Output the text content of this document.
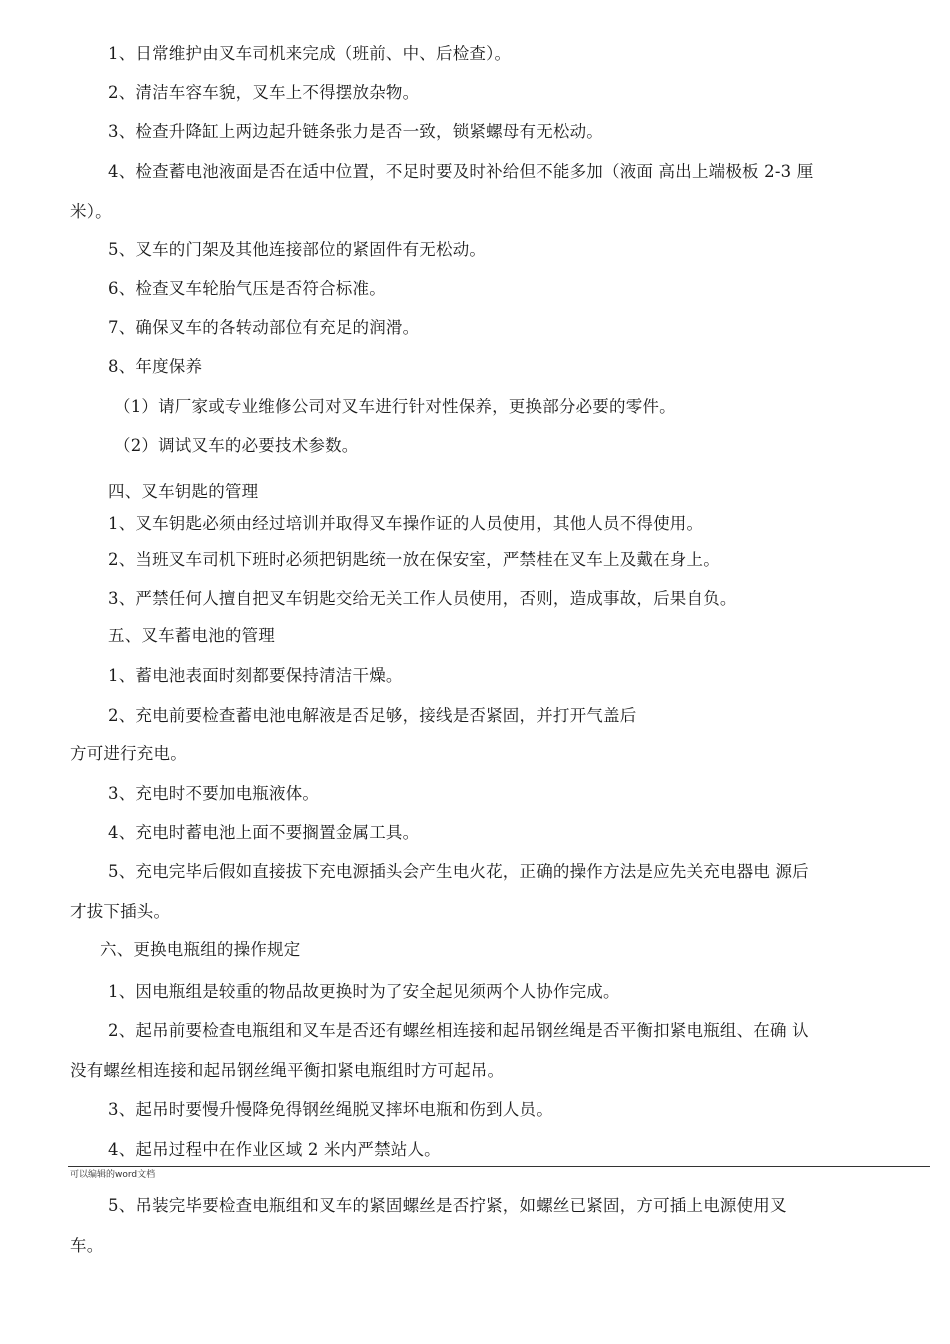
1、日常维护由叉车司机来完成（班前、中、后检查）。
2、清洁车容车貌，叉车上不得摆放杂物。
3、检查升降缸上两边起升链条张力是否一致，锁紧螺母有无松动。
4、检查蓄电池液面是否在适中位置，不足时要及时补给但不能多加（液面 高出上端极板 2-3 厘
米）。
5、叉车的门架及其他连接部位的紧固件有无松动。
6、检查叉车轮胎气压是否符合标准。
7、确保叉车的各转动部位有充足的润滑。
8、年度保养
（1）请厂家或专业维修公司对叉车进行针对性保养，更换部分必要的零件。
（2）调试叉车的必要技术参数。
四、叉车钥匙的管理
1、叉车钥匙必须由经过培训并取得叉车操作证的人员使用，其他人员不得使用。
2、当班叉车司机下班时必须把钥匙统一放在保安室，严禁桂在叉车上及戴在身上。
3、严禁任何人擅自把叉车钥匙交给无关工作人员使用，否则，造成事故，后果自负。
五、叉车蓄电池的管理
1、蓄电池表面时刻都要保持清洁干燥。
2、充电前要检查蓄电池电解液是否足够，接线是否紧固，并打开气盖后
方可进行充电。
3、充电时不要加电瓶液体。
4、充电时蓄电池上面不要搁置金属工具。
5、充电完毕后假如直接拔下充电源插头会产生电火花，正确的操作方法是应先关充电器电 源后
才拔下插头。
六、更换电瓶组的操作规定
1、因电瓶组是较重的物品故更换时为了安全起见须两个人协作完成。
2、起吊前要检查电瓶组和叉车是否还有螺丝相连接和起吊钢丝绳是否平衡扣紧电瓶组、在确 认
没有螺丝相连接和起吊钢丝绳平衡扣紧电瓶组时方可起吊。
3、起吊时要慢升慢降免得钢丝绳脱叉摔坏电瓶和伤到人员。
4、起吊过程中在作业区域 2 米内严禁站人。
可以编辑的word文档
5、吊装完毕要检查电瓶组和叉车的紧固螺丝是否拧紧，如螺丝已紧固，方可插上电源使用叉
车。
